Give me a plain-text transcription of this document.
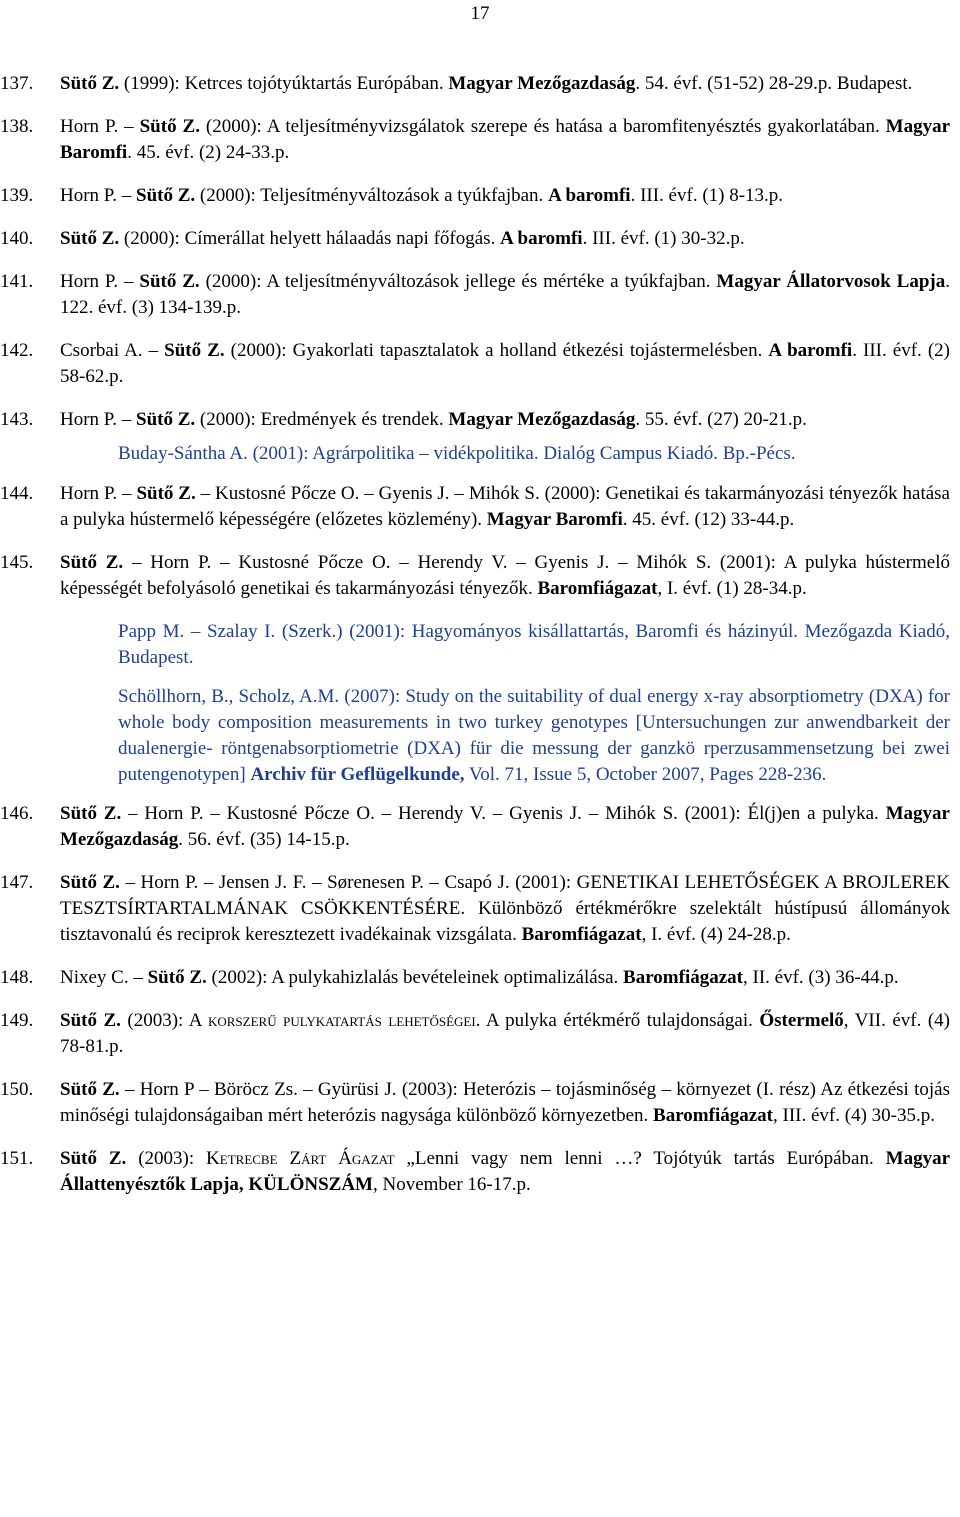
17
137.	Sütő Z. (1999): Ketrces tojótyúktartás Európában. Magyar Mezőgazdaság. 54. évf. (51-52) 28-29.p. Budapest.
138.	Horn P. – Sütő Z. (2000): A teljesítményvizsgálatok szerepe és hatása a baromfitenyésztés gyakorlatában. Magyar Baromfi. 45. évf. (2) 24-33.p.
139.	Horn P. – Sütő Z. (2000): Teljesítményváltozások a tyúkfajban. A baromfi. III. évf. (1) 8-13.p.
140.	Sütő Z. (2000): Címerállat helyett hálaadás napi főfogás. A baromfi. III. évf. (1) 30-32.p.
141.	Horn P. – Sütő Z. (2000): A teljesítményváltozások jellege és mértéke a tyúkfajban. Magyar Állatorvosok Lapja. 122. évf. (3) 134-139.p.
142.	Csorbai A. – Sütő Z. (2000): Gyakorlati tapasztalatok a holland étkezési tojástermelésben. A baromfi. III. évf. (2) 58-62.p.
143.	Horn P. – Sütő Z. (2000): Eredmények és trendek. Magyar Mezőgazdaság. 55. évf. (27) 20-21.p.
Buday-Sántha A. (2001): Agrárpolitika – vidékpolitika. Dialóg Campus Kiadó. Bp.-Pécs.
144.	Horn P. – Sütő Z. – Kustosné Pőcze O. – Gyenis J. – Mihók S. (2000): Genetikai és takarmányozási tényezők hatása a pulyka hústermelő képességére (előzetes közlemény). Magyar Baromfi. 45. évf. (12) 33-44.p.
145.	Sütő Z. – Horn P. – Kustosné Pőcze O. – Herendy V. – Gyenis J. – Mihók S. (2001): A pulyka hústermelő képességét befolyásoló genetikai és takarmányozási tényezők. Baromfiágazat, I. évf. (1) 28-34.p.
Papp M. – Szalay I. (Szerk.) (2001): Hagyományos kisállattartás, Baromfi és házinyúl. Mezőgazda Kiadó, Budapest.
Schöllhorn, B., Scholz, A.M. (2007): Study on the suitability of dual energy x-ray absorptiometry (DXA) for whole body composition measurements in two turkey genotypes [Untersuchungen zur anwendbarkeit der dualenergie- röntgenabsorptiometrie (DXA) für die messung der ganzkö rperzusammensetzung bei zwei putengenotypen] Archiv für Geflügelkunde, Vol. 71, Issue 5, October 2007, Pages 228-236.
146.	Sütő Z. – Horn P. – Kustosné Pőcze O. – Herendy V. – Gyenis J. – Mihók S. (2001): Él(j)en a pulyka. Magyar Mezőgazdaság. 56. évf. (35) 14-15.p.
147.	Sütő Z. – Horn P. – Jensen J. F. – Sørenesen P. – Csapó J. (2001): GENETIKAI LEHETŐSÉGEK A BROJLEREK TESZTSÍRTARTALMÁNAK CSÖKKENTÉSÉRE. Különböző értékmérőkre szelektált hústípusú állományok tisztavonalú és reciprok keresztezett ivadékainak vizsgálata. Baromfiágazat, I. évf. (4) 24-28.p.
148.	Nixey C. – Sütő Z. (2002): A pulykahizlalás bevételeinek optimalizálása. Baromfiágazat, II. évf. (3) 36-44.p.
149.	Sütő Z. (2003): A korszerű pulykatartás lehetőségei. A pulyka értékmérő tulajdonságai. Őstermelő, VII. évf. (4) 78-81.p.
150.	Sütő Z. – Horn P – Böröcz Zs. – Gyürüsi J. (2003): Heterózis – tojásminőség – környezet (I. rész) Az étkezési tojás minőségi tulajdonságaiban mért heterózis nagysága különböző környezetben. Baromfiágazat, III. évf. (4) 30-35.p.
151.	Sütő Z. (2003): Ketrecbe Zárt Ágazat „Lenni vagy nem lenni …? Tojótyúk tartás Európában. Magyar Állattenyésztők Lapja, KÜLÖNSZÁM, November 16-17.p.
